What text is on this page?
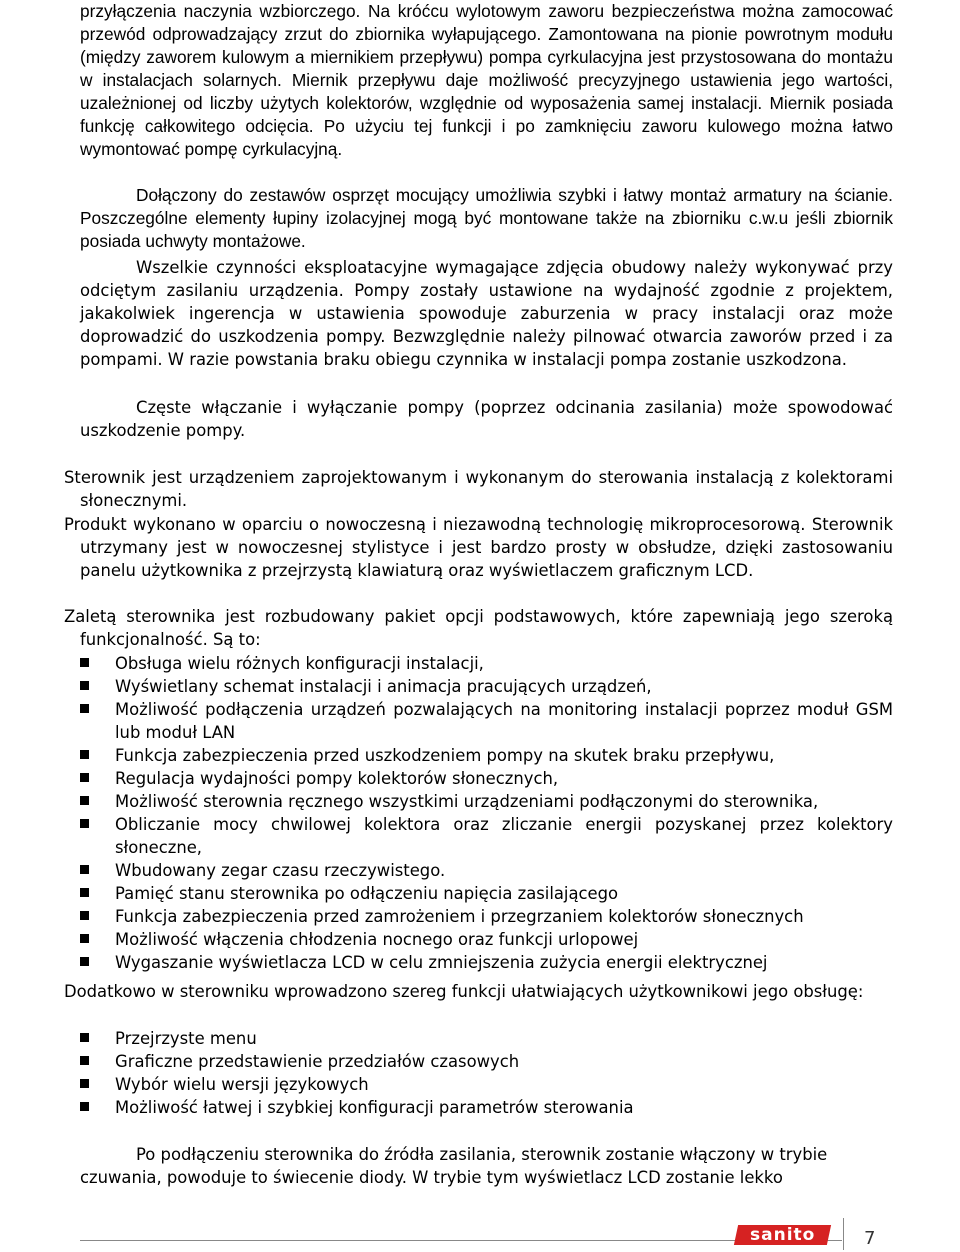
przyłączenia naczynia wzbiorczego. Na króćcu wylotowym zaworu bezpieczeństwa można zamocować przewód odprowadzający zrzut do zbiornika wyłapującego. Zamontowana na pionie powrotnym modułu (między zaworem kulowym a miernikiem przepływu) pompa cyrkulacyjna jest przystosowana do montażu w instalacjach solarnych. Miernik przepływu daje możliwość precyzyjnego ustawienia jego wartości, uzależnionej od liczby użytych kolektorów, względnie od wyposażenia samej instalacji. Miernik posiada funkcję całkowitego odcięcia. Po użyciu tej funkcji i po zamknięciu zaworu kulowego można łatwo wymontować pompę cyrkulacyjną.
Dołączony do zestawów osprzęt mocujący umożliwia szybki i łatwy montaż armatury na ścianie. Poszczególne elementy łupiny izolacyjnej mogą być montowane także na zbiorniku c.w.u jeśli zbiornik posiada uchwyty montażowe.
Wszelkie czynności eksploatacyjne wymagające zdjęcia obudowy należy wykonywać przy odciętym zasilaniu urządzenia. Pompy zostały ustawione na wydajność zgodnie z projektem, jakakolwiek ingerencja w ustawienia spowoduje zaburzenia w pracy instalacji oraz może doprowadzić do uszkodzenia pompy. Bezwzględnie należy pilnować otwarcia zaworów przed i za pompami. W razie powstania braku obiegu czynnika w instalacji pompa zostanie uszkodzona.
Częste włączanie i wyłączanie pompy (poprzez odcinania zasilania) może spowodować uszkodzenie pompy.
Sterownik jest urządzeniem zaprojektowanym i wykonanym do sterowania instalacją z kolektorami słonecznymi.
Produkt wykonano w oparciu o nowoczesną i niezawodną technologię mikroprocesorową. Sterownik utrzymany jest w nowoczesnej stylistyce i jest bardzo prosty w obsłudze, dzięki zastosowaniu panelu użytkownika z przejrzystą klawiaturą oraz wyświetlaczem graficznym LCD.
Zaletą sterownika jest rozbudowany pakiet opcji podstawowych, które zapewniają jego szeroką funkcjonalność. Są to:
Obsługa wielu różnych konfiguracji instalacji,
Wyświetlany schemat instalacji i animacja pracujących urządzeń,
Możliwość podłączenia urządzeń pozwalających na monitoring instalacji poprzez moduł GSM lub moduł LAN
Funkcja zabezpieczenia przed uszkodzeniem pompy na skutek braku przepływu,
Regulacja wydajności pompy kolektorów słonecznych,
Możliwość sterownia ręcznego wszystkimi urządzeniami podłączonymi do sterownika,
Obliczanie mocy chwilowej kolektora oraz zliczanie energii pozyskanej przez kolektory słoneczne,
Wbudowany zegar czasu rzeczywistego.
Pamięć stanu sterownika po odłączeniu napięcia zasilającego
Funkcja zabezpieczenia przed zamrożeniem i przegrzaniem kolektorów słonecznych
Możliwość włączenia chłodzenia nocnego oraz funkcji urlopowej
Wygaszanie wyświetlacza LCD w celu zmniejszenia zużycia energii elektrycznej
Dodatkowo w sterowniku wprowadzono szereg funkcji ułatwiających użytkownikowi jego obsługę:
Przejrzyste menu
Graficzne przedstawienie przedziałów czasowych
Wybór wielu wersji językowych
Możliwość łatwej i szybkiej konfiguracji parametrów sterowania
Po podłączeniu sterownika do źródła zasilania, sterownik zostanie włączony w trybie czuwania, powoduje to świecenie diody. W trybie tym wyświetlacz LCD zostanie lekko
sanito	7
